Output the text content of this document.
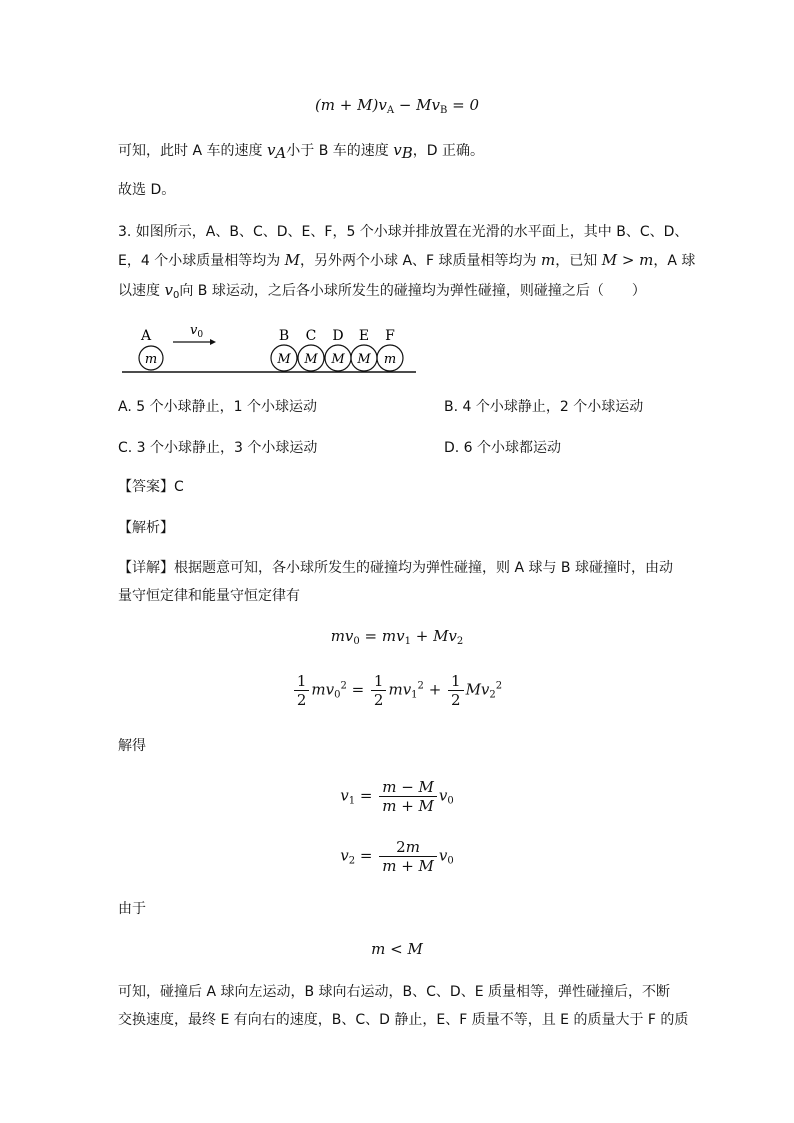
$(m + M)v_A - Mv_B = 0$
可知，此时 A 车的速度 $v_A$小于 B 车的速度 $v_B$，D 正确。
故选 D。
3. 如图所示，A、B、C、D、E、F，5 个小球并排放置在光滑的水平面上，其中 B、C、D、
E，4 个小球质量相等均为 M，另外两个小球 A、F 球质量相等均为 m，已知 M > m，A 球
以速度 $v_0$向 B 球运动，之后各小球所发生的碰撞均为弹性碰撞，则碰撞之后（　　）
A
m
$v_0$	B C D E F
M M M M m
A. 5 个小球静止，1 个小球运动	B. 4 个小球静止，2 个小球运动
C. 3 个小球静止，3 个小球运动	D. 6 个小球都运动
【答案】C
【解析】
【详解】根据题意可知，各小球所发生的碰撞均为弹性碰撞，则 A 球与 B 球碰撞时，由动
量守恒定律和能量守恒定律有
$mv_0 = mv_1 + Mv_2$
$\frac{1}{2} mv_0^2 = \frac{1}{2} mv_1^2 + \frac{1}{2} Mv_2^2$
解得
$v_1 = \frac{m - M}{m + M} v_0$
$v_2 = \frac{2m}{m + M} v_0$
由于
m < M
可知，碰撞后 A 球向左运动，B 球向右运动，B、C、D、E 质量相等，弹性碰撞后，不断
交换速度，最终 E 有向右的速度，B、C、D 静止，E、F 质量不等，且 E 的质量大于 F 的质
